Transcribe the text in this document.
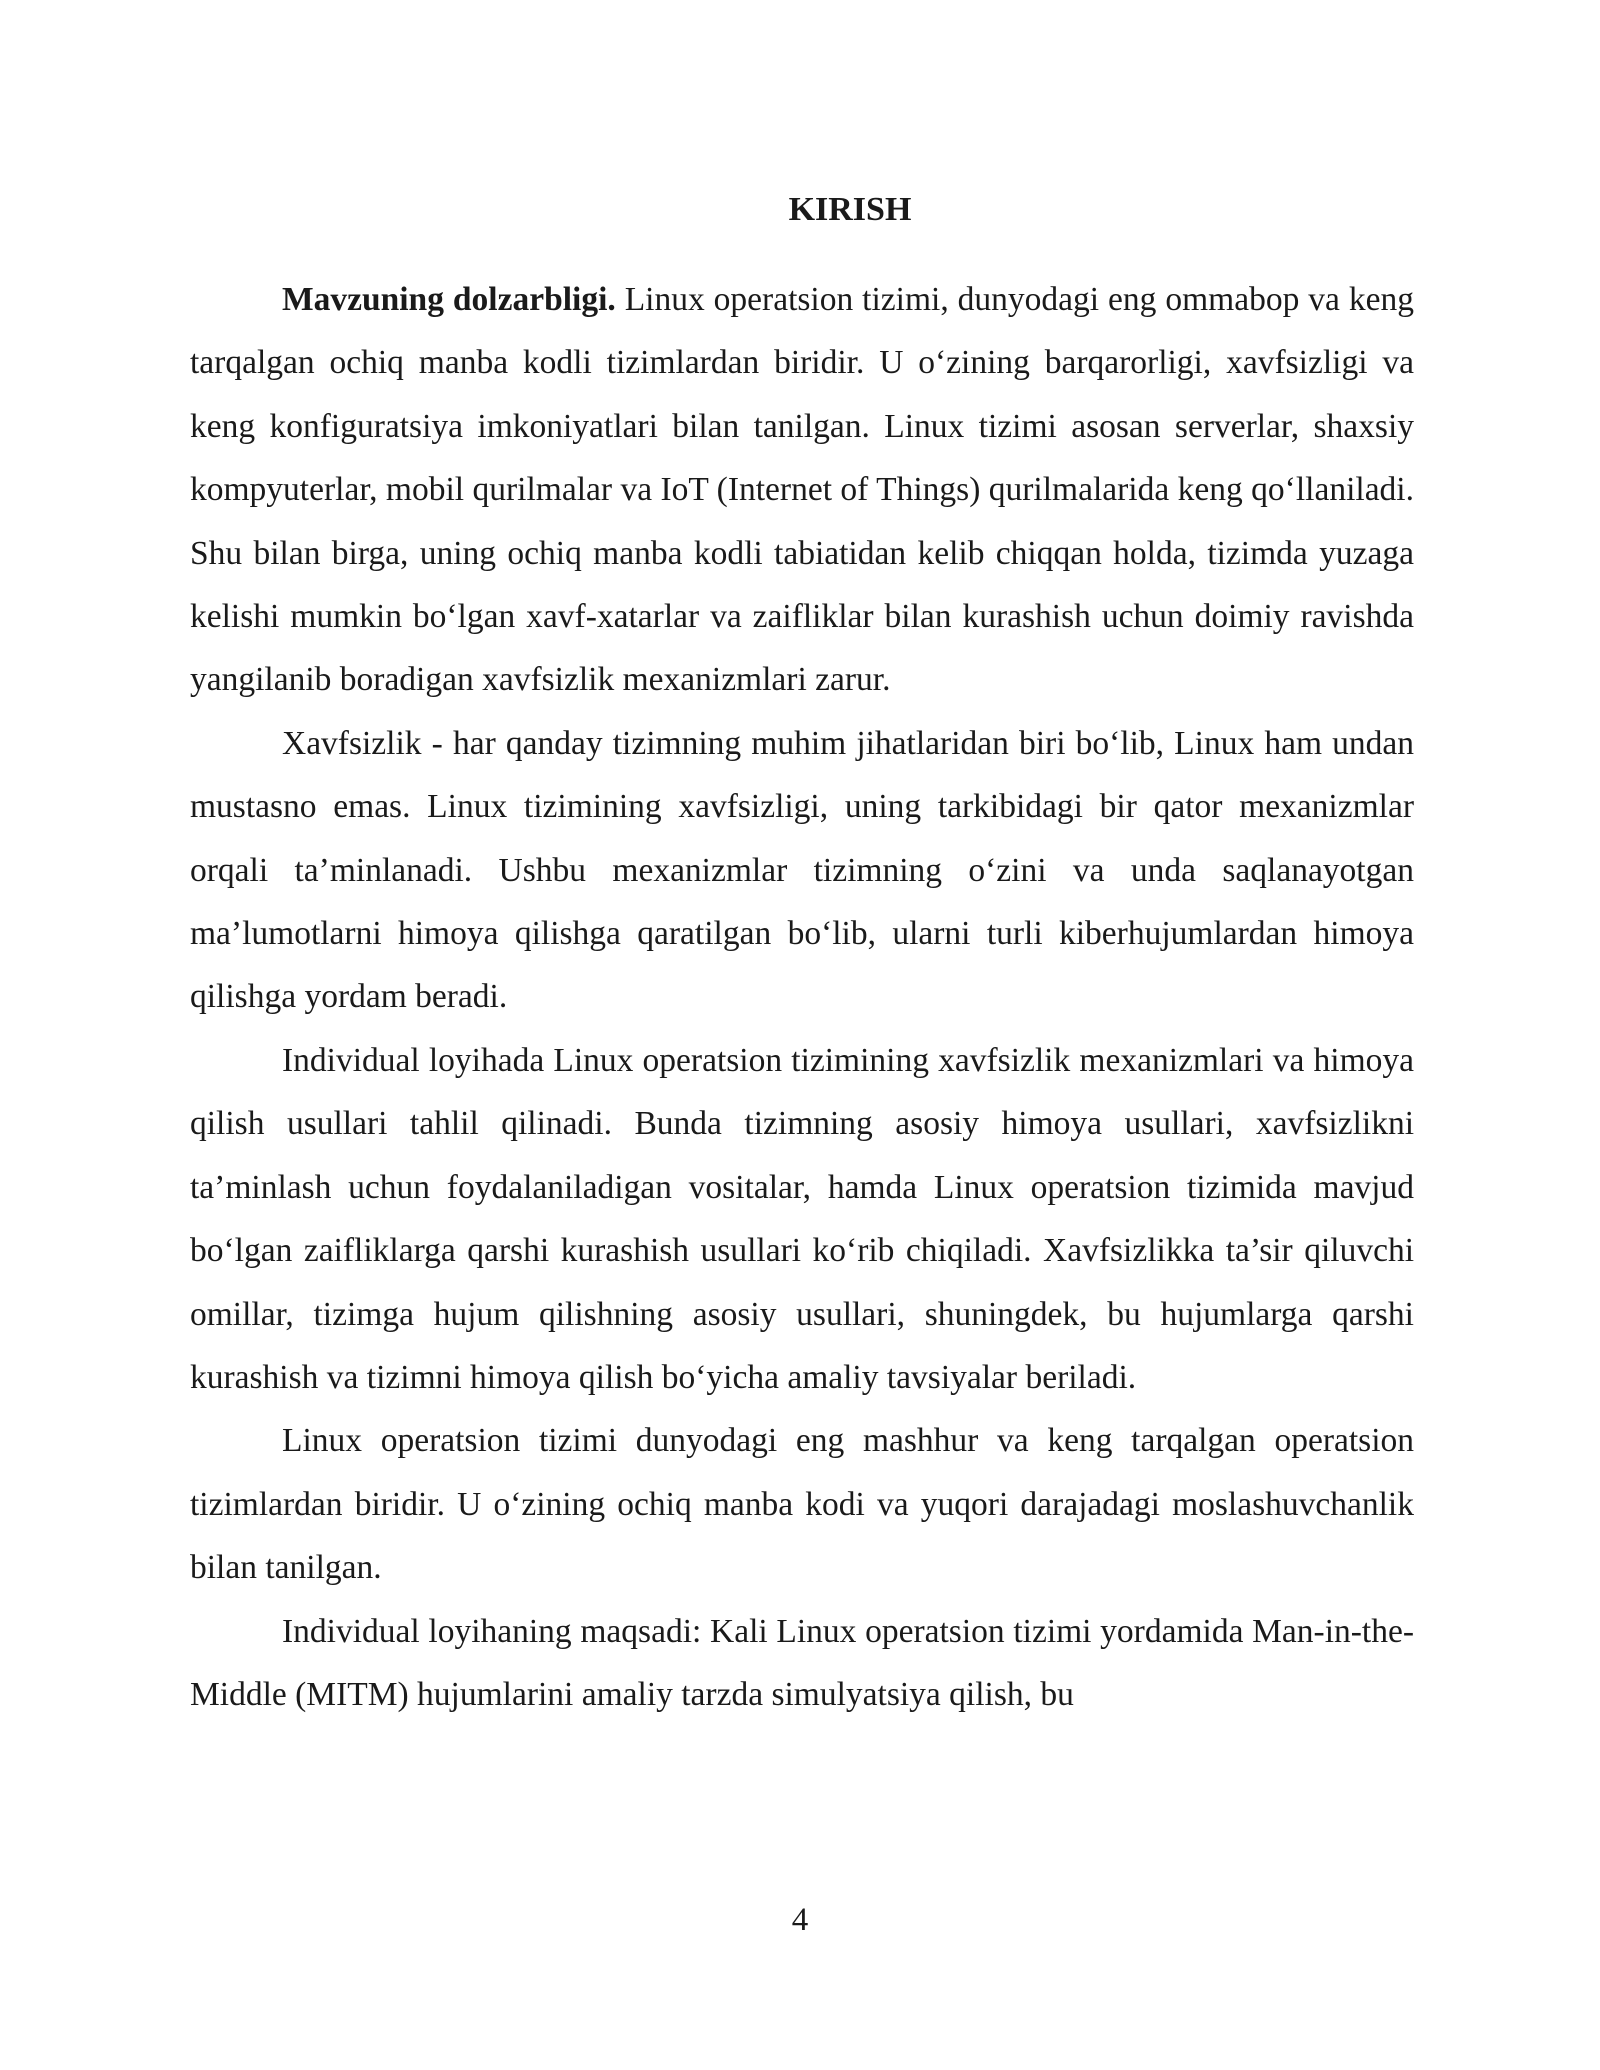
KIRISH

Mavzuning dolzarbligi. Linux operatsion tizimi, dunyodagi eng ommabop va keng tarqalgan ochiq manba kodli tizimlardan biridir. U o‘zining barqarorligi, xavfsizligi va keng konfiguratsiya imkoniyatlari bilan tanilgan. Linux tizimi asosan serverlar, shaxsiy kompyuterlar, mobil qurilmalar va IoT (Internet of Things) qurilmalarida keng qo‘llaniladi. Shu bilan birga, uning ochiq manba kodli tabiatidan kelib chiqqan holda, tizimda yuzaga kelishi mumkin bo‘lgan xavf-xatarlar va zaifliklar bilan kurashish uchun doimiy ravishda yangilanib boradigan xavfsizlik mexanizmlari zarur.

Xavfsizlik - har qanday tizimning muhim jihatlaridan biri bo‘lib, Linux ham undan mustasno emas. Linux tizimining xavfsizligi, uning tarkibidagi bir qator mexanizmlar orqali ta’minlanadi. Ushbu mexanizmlar tizimning o‘zini va unda saqlanayotgan ma’lumotlarni himoya qilishga qaratilgan bo‘lib, ularni turli kiberhujumlardan himoya qilishga yordam beradi.

Individual loyihada Linux operatsion tizimining xavfsizlik mexanizmlari va himoya qilish usullari tahlil qilinadi. Bunda tizimning asosiy himoya usullari, xavfsizlikni ta’minlash uchun foydalaniladigan vositalar, hamda Linux operatsion tizimida mavjud bo‘lgan zaifliklarga qarshi kurashish usullari ko‘rib chiqiladi. Xavfsizlikka ta’sir qiluvchi omillar, tizimga hujum qilishning asosiy usullari, shuningdek, bu hujumlarga qarshi kurashish va tizimni himoya qilish bo‘yicha amaliy tavsiyalar beriladi.

Linux operatsion tizimi dunyodagi eng mashhur va keng tarqalgan operatsion tizimlardan biridir. U o‘zining ochiq manba kodi va yuqori darajadagi moslashuvchanlik bilan tanilgan.

Individual loyihaning maqsadi: Kali Linux operatsion tizimi yordamida Man-in-the-Middle (MITM) hujumlarini amaliy tarzda simulyatsiya qilish, bu

4
